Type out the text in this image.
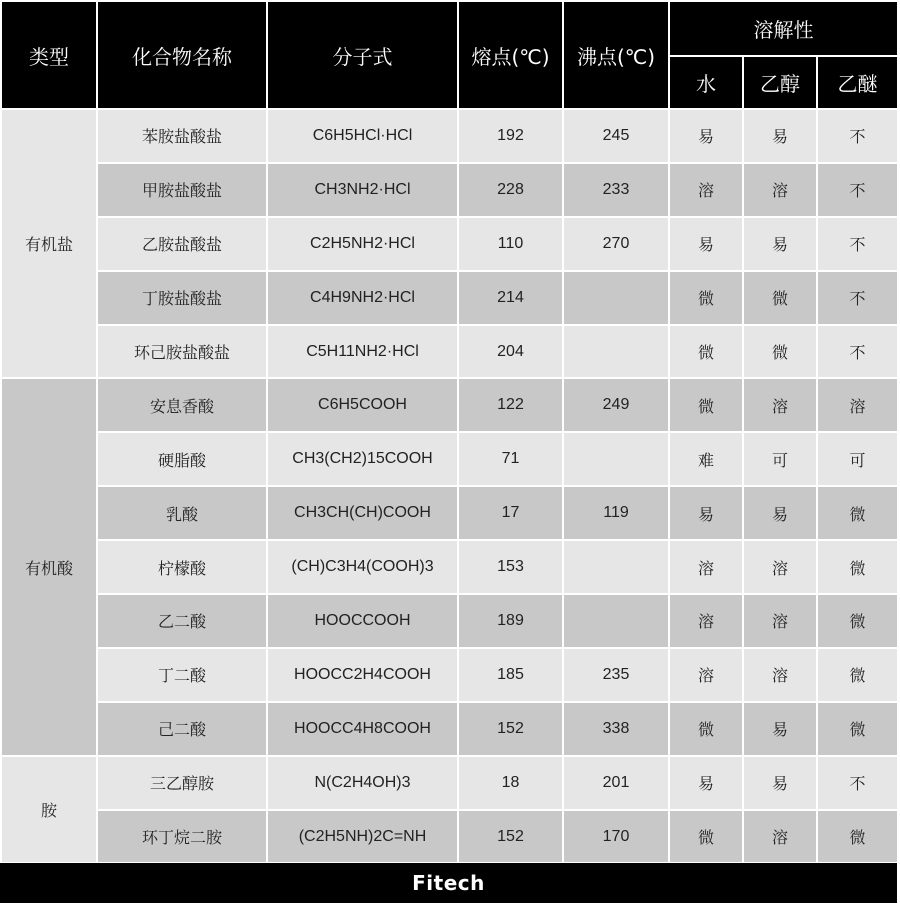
类型	化合物名称	分子式	熔点(℃)	沸点(℃)	溶解性		
					水	乙醇	乙醚
有机盐	苯胺盐酸盐	C6H5HCl·HCl	192	245	易	易	不
	甲胺盐酸盐	CH3NH2·HCl	228	233	溶	溶	不
	乙胺盐酸盐	C2H5NH2·HCl	110	270	易	易	不
	丁胺盐酸盐	C4H9NH2·HCl	214		微	微	不
	环己胺盐酸盐	C5H11NH2·HCl	204		微	微	不
有机酸	安息香酸	C6H5COOH	122	249	微	溶	溶
	硬脂酸	CH3(CH2)15COOH	71		难	可	可
	乳酸	CH3CH(CH)COOH	17	119	易	易	微
	柠檬酸	(CH)C3H4(COOH)3	153		溶	溶	微
	乙二酸	HOOCCOOH	189		溶	溶	微
	丁二酸	HOOCC2H4COOH	185	235	溶	溶	微
	己二酸	HOOCC4H8COOH	152	338	微	易	微
胺	三乙醇胺	N(C2H4OH)3	18	201	易	易	不
	环丁烷二胺	(C2H5NH)2C=NH	152	170	微	溶	微
Fitech
